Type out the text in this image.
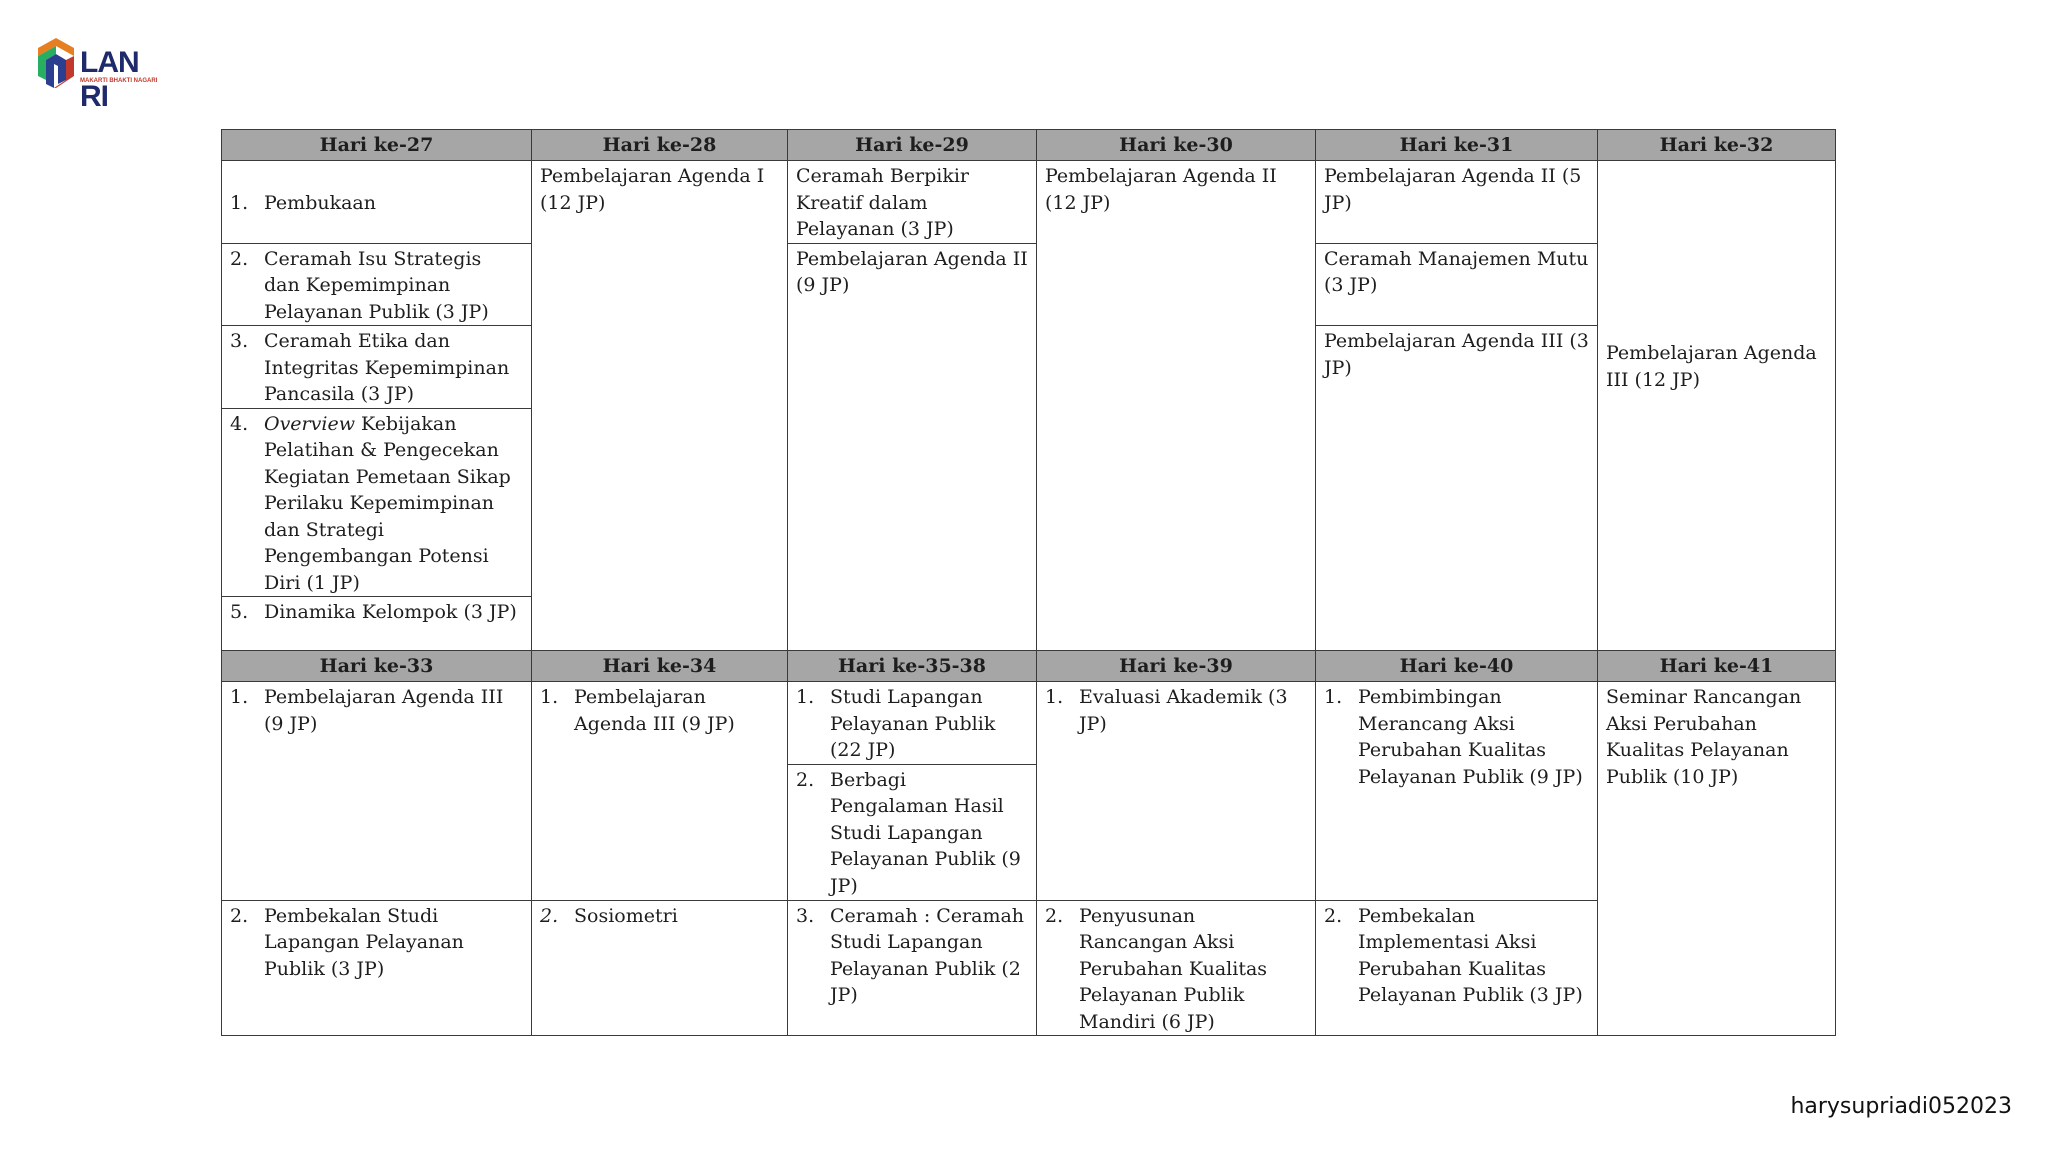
LAN RI
MAKARTI BHAKTI NAGARI
Hari ke-27	Hari ke-28	Hari ke-29	Hari ke-30	Hari ke-31	Hari ke-32
1. Pembukaan	Pembelajaran Agenda I (12 JP)	Ceramah Berpikir Kreatif dalam Pelayanan (3 JP)	Pembelajaran Agenda II (12 JP)	Pembelajaran Agenda II (5 JP)	Pembelajaran Agenda III (12 JP)
2. Ceramah Isu Strategis dan Kepemimpinan Pelayanan Publik (3 JP)		Pembelajaran Agenda II (9 JP)		Ceramah Manajemen Mutu (3 JP)	
3. Ceramah Etika dan Integritas Kepemimpinan Pancasila (3 JP)				Pembelajaran Agenda III (3 JP)	
4. Overview Kebijakan Pelatihan & Pengecekan Kegiatan Pemetaan Sikap Perilaku Kepemimpinan dan Strategi Pengembangan Potensi Diri (1 JP)					
5. Dinamika Kelompok (3 JP)					
Hari ke-33	Hari ke-34	Hari ke-35-38	Hari ke-39	Hari ke-40	Hari ke-41
1. Pembelajaran Agenda III (9 JP)	1. Pembelajaran Agenda III (9 JP)	1. Studi Lapangan Pelayanan Publik (22 JP)	1. Evaluasi Akademik (3 JP)	1. Pembimbingan Merancang Aksi Perubahan Kualitas Pelayanan Publik (9 JP)	Seminar Rancangan Aksi Perubahan Kualitas Pelayanan Publik (10 JP)
		2. Berbagi Pengalaman Hasil Studi Lapangan Pelayanan Publik (9 JP)			
2. Pembekalan Studi Lapangan Pelayanan Publik (3 JP)	2. Sosiometri	3. Ceramah : Ceramah Studi Lapangan Pelayanan Publik (2 JP)	2. Penyusunan Rancangan Aksi Perubahan Kualitas Pelayanan Publik Mandiri (6 JP)	2. Pembekalan Implementasi Aksi Perubahan Kualitas Pelayanan Publik (3 JP)	
harysupriadi052023
